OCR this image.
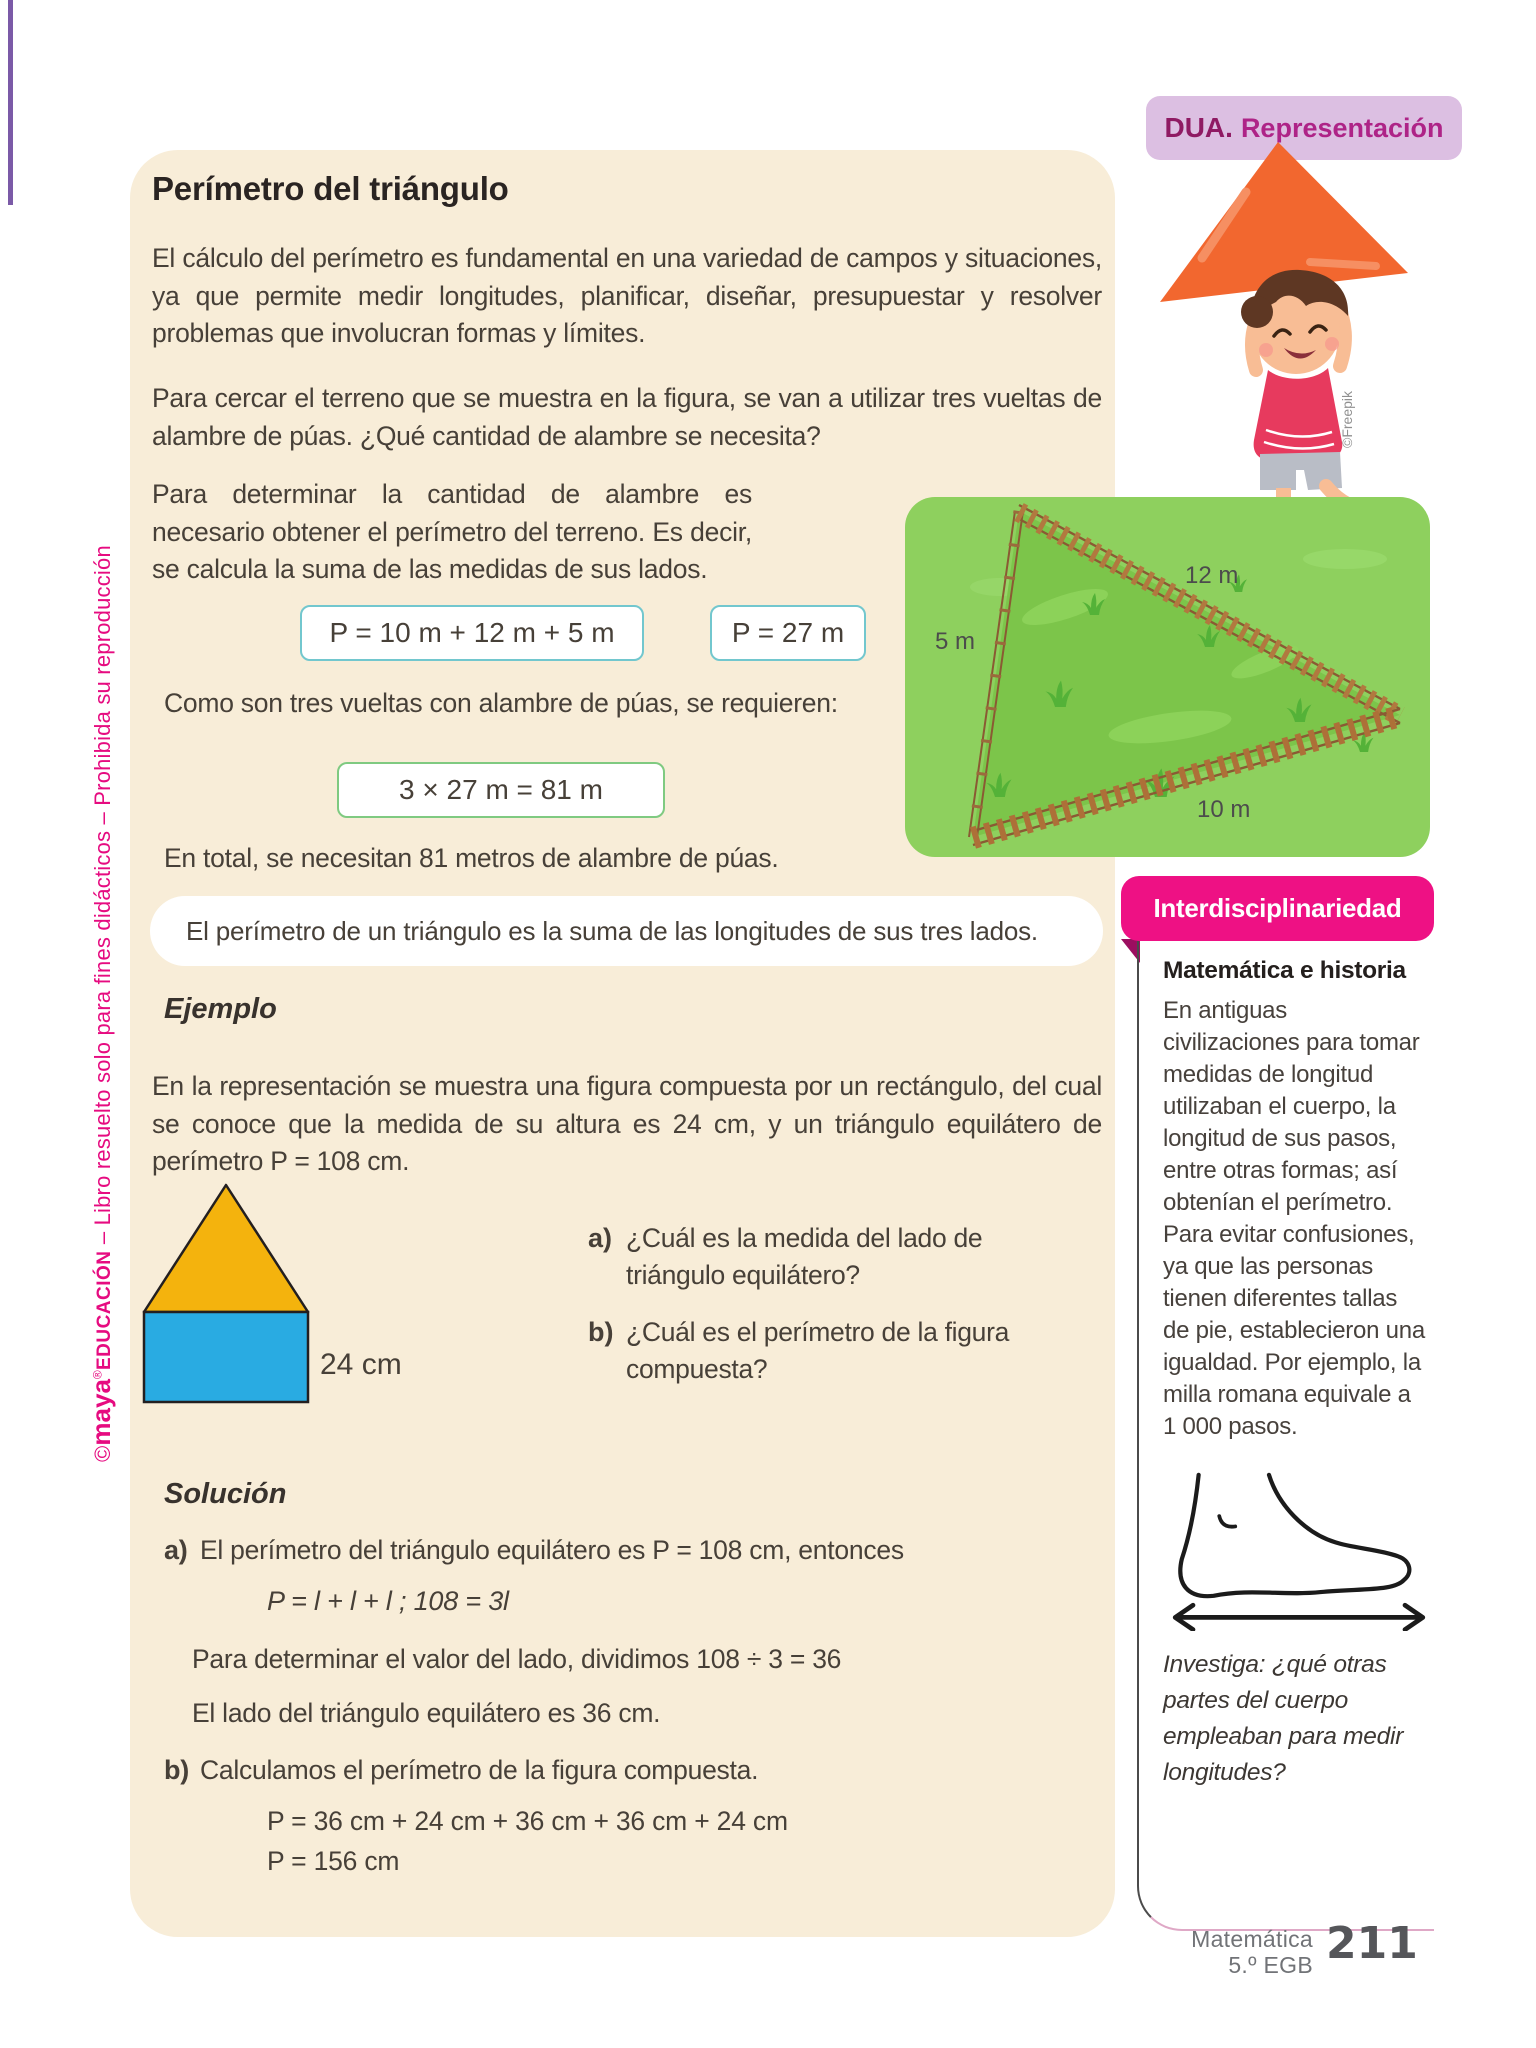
©maya®EDUCACIÓN – Libro resuelto solo para fines didácticos – Prohibida su reproducción
Perímetro del triángulo

El cálculo del perímetro es fundamental en una variedad de campos y situaciones, ya que permite medir longitudes, planificar, diseñar, presupuestar y resolver problemas que involucran formas y límites.

Para cercar el terreno que se muestra en la figura, se van a utilizar tres vueltas de alambre de púas. ¿Qué cantidad de alambre se necesita?

Para determinar la cantidad de alambre es necesario obtener el perímetro del terreno. Es decir, se calcula la suma de las medidas de sus lados.

P = 10 m + 12 m + 5 m	P = 27 m

Como son tres vueltas con alambre de púas, se requieren:

3 × 27 m = 81 m

En total, se necesitan 81 metros de alambre de púas.

El perímetro de un triángulo es la suma de las longitudes de sus tres lados.
Ejemplo

En la representación se muestra una figura compuesta por un rectángulo, del cual se conoce que la medida de su altura es 24 cm, y un triángulo equilátero de perímetro P = 108 cm.

24 cm
a) ¿Cuál es la medida del lado de triángulo equilátero?
b) ¿Cuál es el perímetro de la figura compuesta?
Solución
a) El perímetro del triángulo equilátero es P = 108 cm, entonces
P = l + l + l ; 108 = 3l
Para determinar el valor del lado, dividimos 108 ÷ 3 = 36
El lado del triángulo equilátero es 36 cm.
b) Calculamos el perímetro de la figura compuesta.
P = 36 cm + 24 cm + 36 cm + 36 cm + 24 cm
P = 156 cm
5 m
12 m
10 m
DUA. Representación
©Freepik
Interdisciplinariedad
Matemática e historia

En antiguas civilizaciones para tomar medidas de longitud utilizaban el cuerpo, la longitud de sus pasos, entre otras formas; así obtenían el perímetro. Para evitar confusiones, ya que las personas tienen diferentes tallas de pie, establecieron una igualdad. Por ejemplo, la milla romana equivale a 1 000 pasos.

Investiga: ¿qué otras partes del cuerpo empleaban para medir longitudes?

Matemática
5.º EGB 211
